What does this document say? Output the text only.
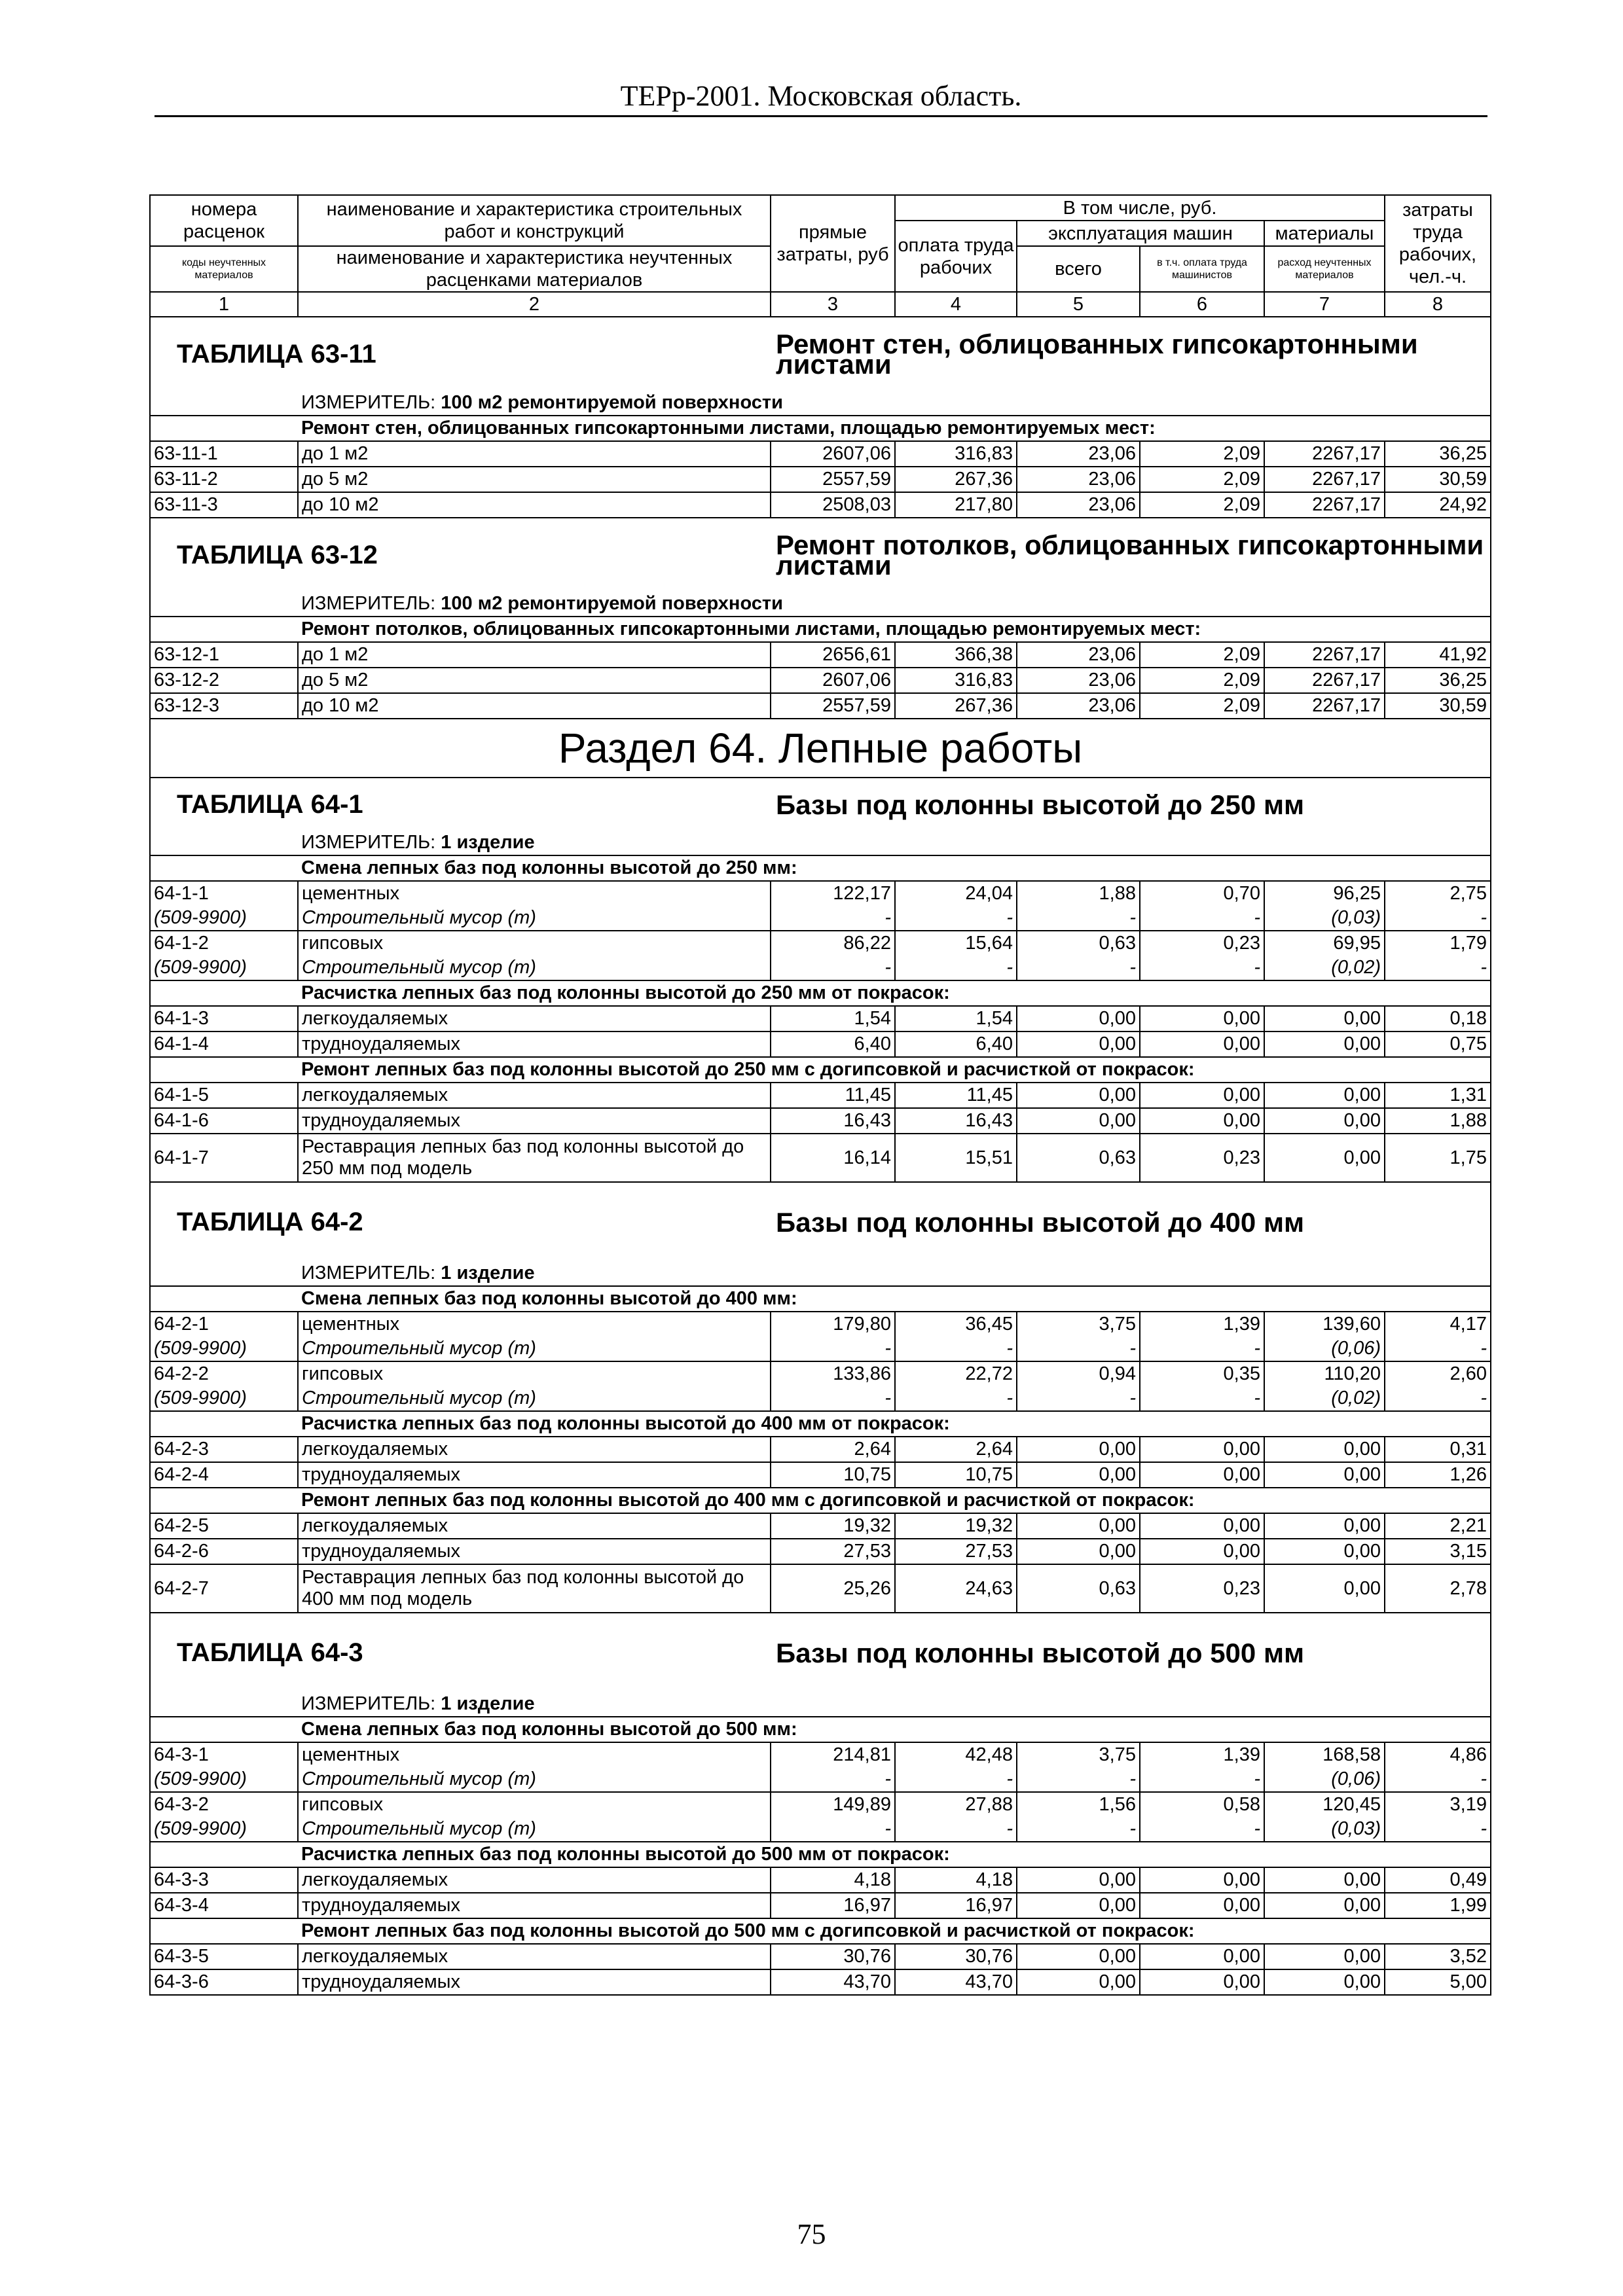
ТЕРр-2001. Московская область.
номера расценок	наименование и характеристика строительных работ и конструкций	прямые затраты, руб	В том числе, руб.				затраты труда рабочих, чел.-ч.
			оплата труда рабочих	эксплуатация машин		материалы	
коды неучтенных материалов	наименование и характеристика неучтенных расценками материалов			всего	в т.ч. оплата труда машинистов	расход неучтенных материалов	

1	2	3	4	5	6	7	8
ТАБЛИЦА 63-11		Ремонт стен, облицованных гипсокартонными листами					
	ИЗМЕРИТЕЛЬ: 100 м2 ремонтируемой поверхности						
	Ремонт стен, облицованных гипсокартонными листами, площадью ремонтируемых мест:						
63-11-1	до 1 м2	2607,06	316,83	23,06	2,09	2267,17	36,25
63-11-2	до 5 м2	2557,59	267,36	23,06	2,09	2267,17	30,59
63-11-3	до 10 м2	2508,03	217,80	23,06	2,09	2267,17	24,92
ТАБЛИЦА 63-12		Ремонт потолков, облицованных гипсокартонными листами					
	ИЗМЕРИТЕЛЬ: 100 м2 ремонтируемой поверхности						
	Ремонт потолков, облицованных гипсокартонными листами, площадью ремонтируемых мест:						
63-12-1	до 1 м2	2656,61	366,38	23,06	2,09	2267,17	41,92
63-12-2	до 5 м2	2607,06	316,83	23,06	2,09	2267,17	36,25
63-12-3	до 10 м2	2557,59	267,36	23,06	2,09	2267,17	30,59
Раздел 64. Лепные работы							
ТАБЛИЦА 64-1		Базы под колонны высотой до 250 мм					
	ИЗМЕРИТЕЛЬ: 1 изделие						
	Смена лепных баз под колонны высотой до 250 мм:						
64-1-1	цементных	122,17	24,04	1,88	0,70	96,25	2,75
(509-9900)	Строительный мусор (т)	-	-	-	-	(0,03)	-
64-1-2	гипсовых	86,22	15,64	0,63	0,23	69,95	1,79
(509-9900)	Строительный мусор (т)	-	-	-	-	(0,02)	-
	Расчистка лепных баз под колонны высотой до 250 мм от покрасок:						
64-1-3	легкоудаляемых	1,54	1,54	0,00	0,00	0,00	0,18
64-1-4	трудноудаляемых	6,40	6,40	0,00	0,00	0,00	0,75
	Ремонт лепных баз под колонны высотой до 250 мм с догипсовкой и расчисткой от покрасок:						
64-1-5	легкоудаляемых	11,45	11,45	0,00	0,00	0,00	1,31
64-1-6	трудноудаляемых	16,43	16,43	0,00	0,00	0,00	1,88
64-1-7	Реставрация лепных баз под колонны высотой до 250 мм под модель	16,14	15,51	0,63	0,23	0,00	1,75
ТАБЛИЦА 64-2		Базы под колонны высотой до 400 мм					
	ИЗМЕРИТЕЛЬ: 1 изделие						
	Смена лепных баз под колонны высотой до 400 мм:						
64-2-1	цементных	179,80	36,45	3,75	1,39	139,60	4,17
(509-9900)	Строительный мусор (т)	-	-	-	-	(0,06)	-
64-2-2	гипсовых	133,86	22,72	0,94	0,35	110,20	2,60
(509-9900)	Строительный мусор (т)	-	-	-	-	(0,02)	-
	Расчистка лепных баз под колонны высотой до 400 мм от покрасок:						
64-2-3	легкоудаляемых	2,64	2,64	0,00	0,00	0,00	0,31
64-2-4	трудноудаляемых	10,75	10,75	0,00	0,00	0,00	1,26
	Ремонт лепных баз под колонны высотой до 400 мм с догипсовкой и расчисткой от покрасок:						
64-2-5	легкоудаляемых	19,32	19,32	0,00	0,00	0,00	2,21
64-2-6	трудноудаляемых	27,53	27,53	0,00	0,00	0,00	3,15
64-2-7	Реставрация лепных баз под колонны высотой до 400 мм под модель	25,26	24,63	0,63	0,23	0,00	2,78
ТАБЛИЦА 64-3		Базы под колонны высотой до 500 мм					
	ИЗМЕРИТЕЛЬ: 1 изделие						
	Смена лепных баз под колонны высотой до 500 мм:						
64-3-1	цементных	214,81	42,48	3,75	1,39	168,58	4,86
(509-9900)	Строительный мусор (т)	-	-	-	-	(0,06)	-
64-3-2	гипсовых	149,89	27,88	1,56	0,58	120,45	3,19
(509-9900)	Строительный мусор (т)	-	-	-	-	(0,03)	-
	Расчистка лепных баз под колонны высотой до 500 мм от покрасок:						
64-3-3	легкоудаляемых	4,18	4,18	0,00	0,00	0,00	0,49
64-3-4	трудноудаляемых	16,97	16,97	0,00	0,00	0,00	1,99
	Ремонт лепных баз под колонны высотой до 500 мм с догипсовкой и расчисткой от покрасок:						
64-3-5	легкоудаляемых	30,76	30,76	0,00	0,00	0,00	3,52
64-3-6	трудноудаляемых	43,70	43,70	0,00	0,00	0,00	5,00
75
